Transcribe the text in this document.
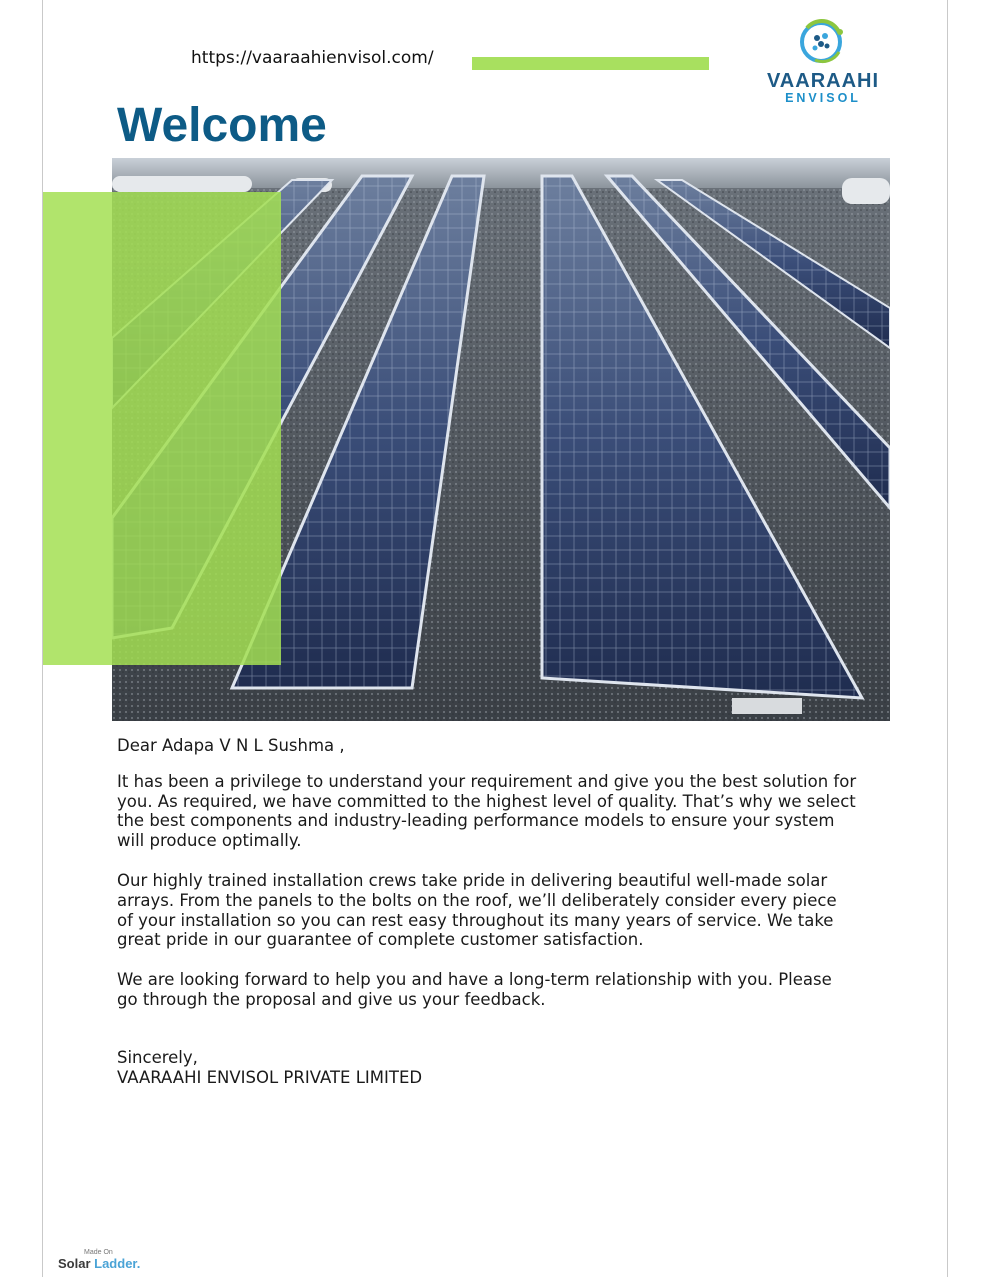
https://vaaraahienvisol.com/
VAARAAHI
ENVISOL
Welcome

Dear Adapa V N L Sushma ,

It has been a privilege to understand your requirement and give you the best solution for you. As required, we have committed to the highest level of quality. That’s why we select the best components and industry-leading performance models to ensure your system will produce optimally.

Our highly trained installation crews take pride in delivering beautiful well-made solar arrays. From the panels to the bolts on the roof, we’ll deliberately consider every piece of your installation so you can rest easy throughout its many years of service. We take great pride in our guarantee of complete customer satisfaction.

We are looking forward to help you and have a long-term relationship with you. Please go through the proposal and give us your feedback.

Sincerely,
VAARAAHI ENVISOL PRIVATE LIMITED
Made On
Solar Ladder.
